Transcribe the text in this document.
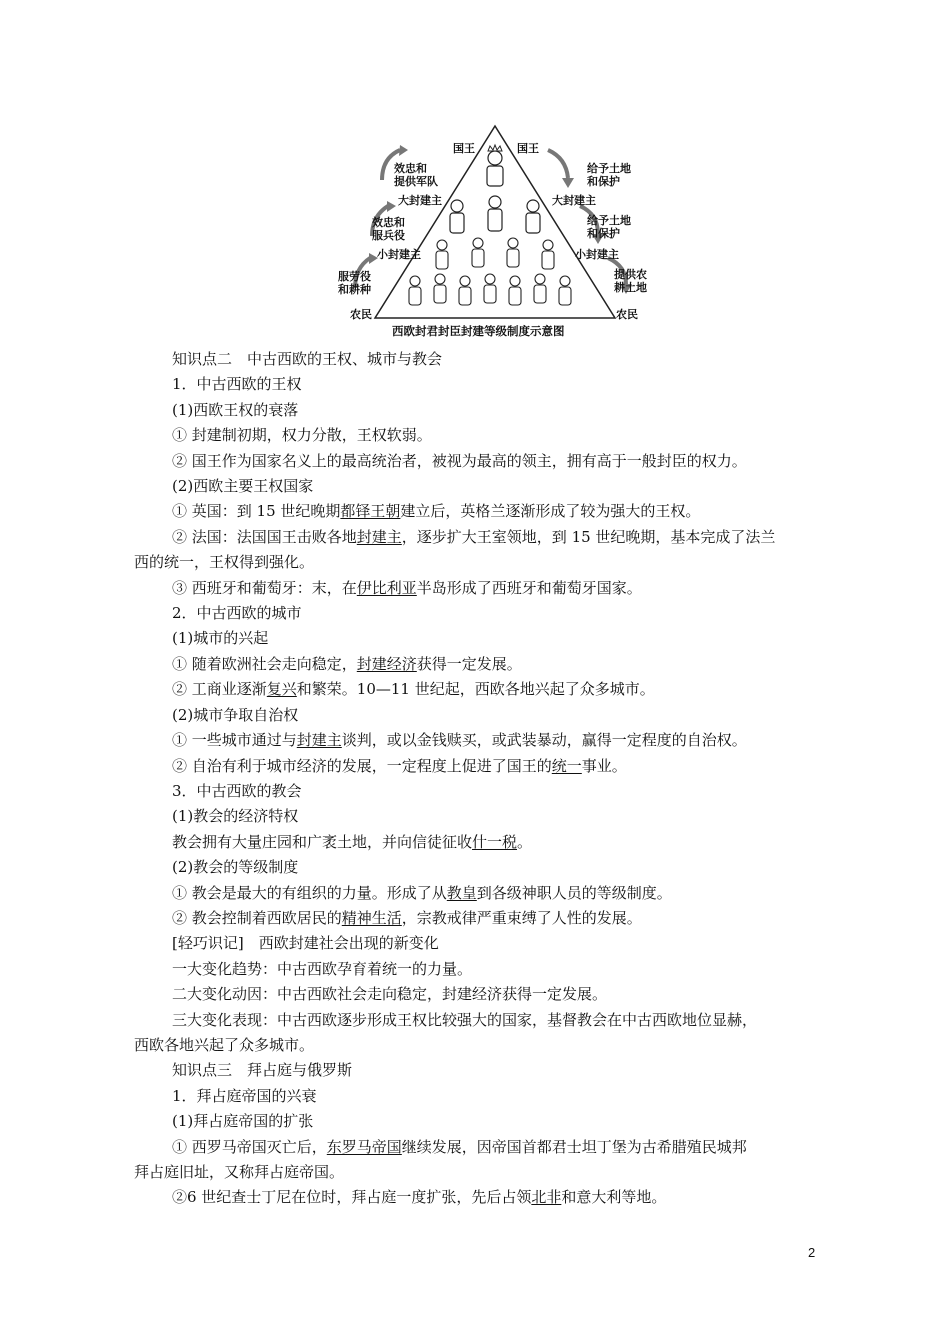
国王	国王
大封建主	大封建主
小封建主	小封建主
农民	农民
效忠和
提供军队
效忠和
服兵役
服劳役
和耕种
给予土地
和保护
给予土地
和保护
提供农
耕土地
西欧封君封臣封建等级制度示意图
知识点二　中古西欧的王权、城市与教会
1．中古西欧的王权
(1)西欧王权的衰落
① 封建制初期，权力分散，王权软弱。
② 国王作为国家名义上的最高统治者，被视为最高的领主，拥有高于一般封臣的权力。
(2)西欧主要王权国家
① 英国：到 15 世纪晚期都铎王朝建立后，英格兰逐渐形成了较为强大的王权。
② 法国：法国国王击败各地封建主，逐步扩大王室领地，到 15 世纪晚期，基本完成了法兰
西的统一，王权得到强化。
③ 西班牙和葡萄牙：末，在伊比利亚半岛形成了西班牙和葡萄牙国家。
2．中古西欧的城市
(1)城市的兴起
① 随着欧洲社会走向稳定，封建经济获得一定发展。
② 工商业逐渐复兴和繁荣。10—11 世纪起，西欧各地兴起了众多城市。
(2)城市争取自治权
① 一些城市通过与封建主谈判，或以金钱赎买，或武装暴动，赢得一定程度的自治权。
② 自治有利于城市经济的发展，一定程度上促进了国王的统一事业。
3．中古西欧的教会
(1)教会的经济特权
教会拥有大量庄园和广袤土地，并向信徒征收什一税。
(2)教会的等级制度
① 教会是最大的有组织的力量。形成了从教皇到各级神职人员的等级制度。
② 教会控制着西欧居民的精神生活，宗教戒律严重束缚了人性的发展。
[轻巧识记]　西欧封建社会出现的新变化
一大变化趋势：中古西欧孕育着统一的力量。
二大变化动因：中古西欧社会走向稳定，封建经济获得一定发展。
三大变化表现：中古西欧逐步形成王权比较强大的国家，基督教会在中古西欧地位显赫，
西欧各地兴起了众多城市。
知识点三　拜占庭与俄罗斯
1．拜占庭帝国的兴衰
(1)拜占庭帝国的扩张
① 西罗马帝国灭亡后，东罗马帝国继续发展，因帝国首都君士坦丁堡为古希腊殖民城邦
拜占庭旧址，又称拜占庭帝国。
②6 世纪查士丁尼在位时，拜占庭一度扩张，先后占领北非和意大利等地。
2
